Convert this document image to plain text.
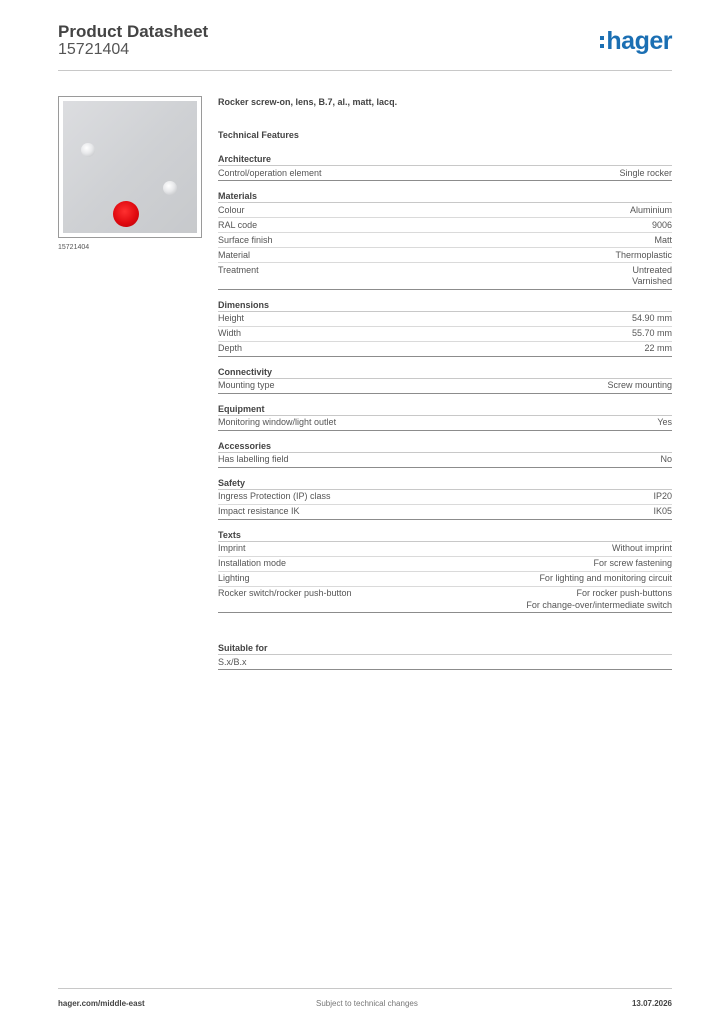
Product Datasheet
15721404	hager
15721404
Rocker screw-on, lens, B.7, al., matt, lacq.
Technical Features
Architecture
Control/operation element	Single rocker
Materials
Colour	Aluminium
RAL code	9006
Surface finish	Matt
Material	Thermoplastic
Treatment	Untreated
Varnished
Dimensions
Height	54.90 mm
Width	55.70 mm
Depth	22 mm
Connectivity
Mounting type	Screw mounting
Equipment
Monitoring window/light outlet	Yes
Accessories
Has labelling field	No
Safety
Ingress Protection (IP) class	IP20
Impact resistance IK	IK05
Texts
Imprint	Without imprint
Installation mode	For screw fastening
Lighting	For lighting and monitoring circuit
Rocker switch/rocker push-button	For rocker push-buttons
For change-over/intermediate switch
Suitable for
S.x/B.x
hager.com/middle-east	Subject to technical changes	13.07.2026
